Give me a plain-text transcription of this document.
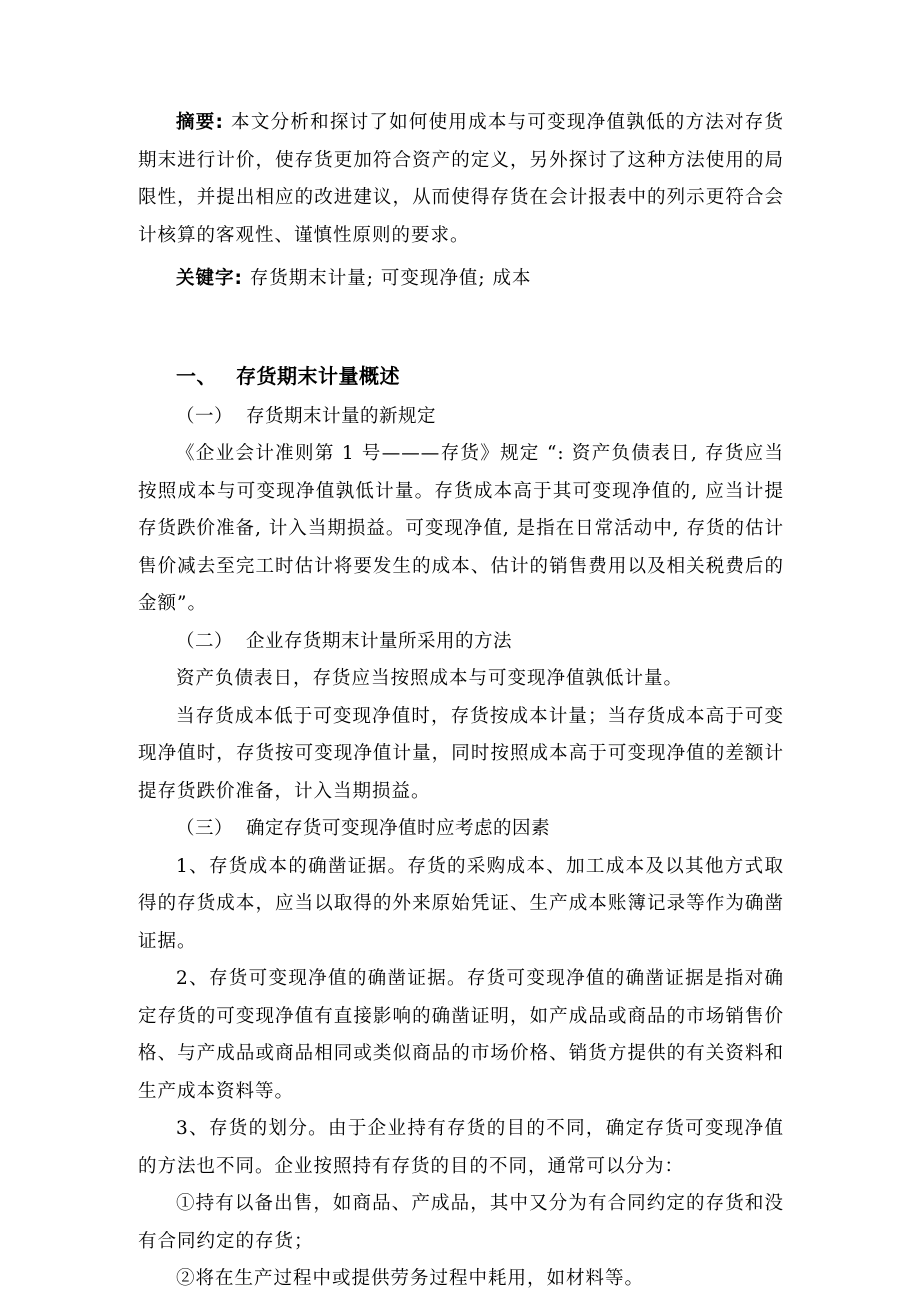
摘要: 本文分析和探讨了如何使用成本与可变现净值孰低的方法对存货期末进行计价，使存货更加符合资产的定义，另外探讨了这种方法使用的局限性，并提出相应的改进建议，从而使得存货在会计报表中的列示更符合会计核算的客观性、谨慎性原则的要求。

关键字: 存货期末计量; 可变现净值; 成本

一、 存货期末计量概述

（一） 存货期末计量的新规定

《企业会计准则第 1 号———存货》规定 “: 资产负债表日, 存货应当按照成本与可变现净值孰低计量。存货成本高于其可变现净值的, 应当计提存货跌价准备, 计入当期损益。可变现净值, 是指在日常活动中, 存货的估计售价减去至完工时估计将要发生的成本、估计的销售费用以及相关税费后的金额”。

（二） 企业存货期末计量所采用的方法

资产负债表日，存货应当按照成本与可变现净值孰低计量。

当存货成本低于可变现净值时，存货按成本计量；当存货成本高于可变现净值时，存货按可变现净值计量，同时按照成本高于可变现净值的差额计提存货跌价准备，计入当期损益。

（三） 确定存货可变现净值时应考虑的因素

1、存货成本的确凿证据。存货的采购成本、加工成本及以其他方式取得的存货成本，应当以取得的外来原始凭证、生产成本账簿记录等作为确凿证据。

2、存货可变现净值的确凿证据。存货可变现净值的确凿证据是指对确定存货的可变现净值有直接影响的确凿证明，如产成品或商品的市场销售价格、与产成品或商品相同或类似商品的市场价格、销货方提供的有关资料和生产成本资料等。

3、存货的划分。由于企业持有存货的目的不同，确定存货可变现净值的方法也不同。企业按照持有存货的目的不同，通常可以分为：

①持有以备出售，如商品、产成品，其中又分为有合同约定的存货和没有合同约定的存货；

②将在生产过程中或提供劳务过程中耗用，如材料等。
